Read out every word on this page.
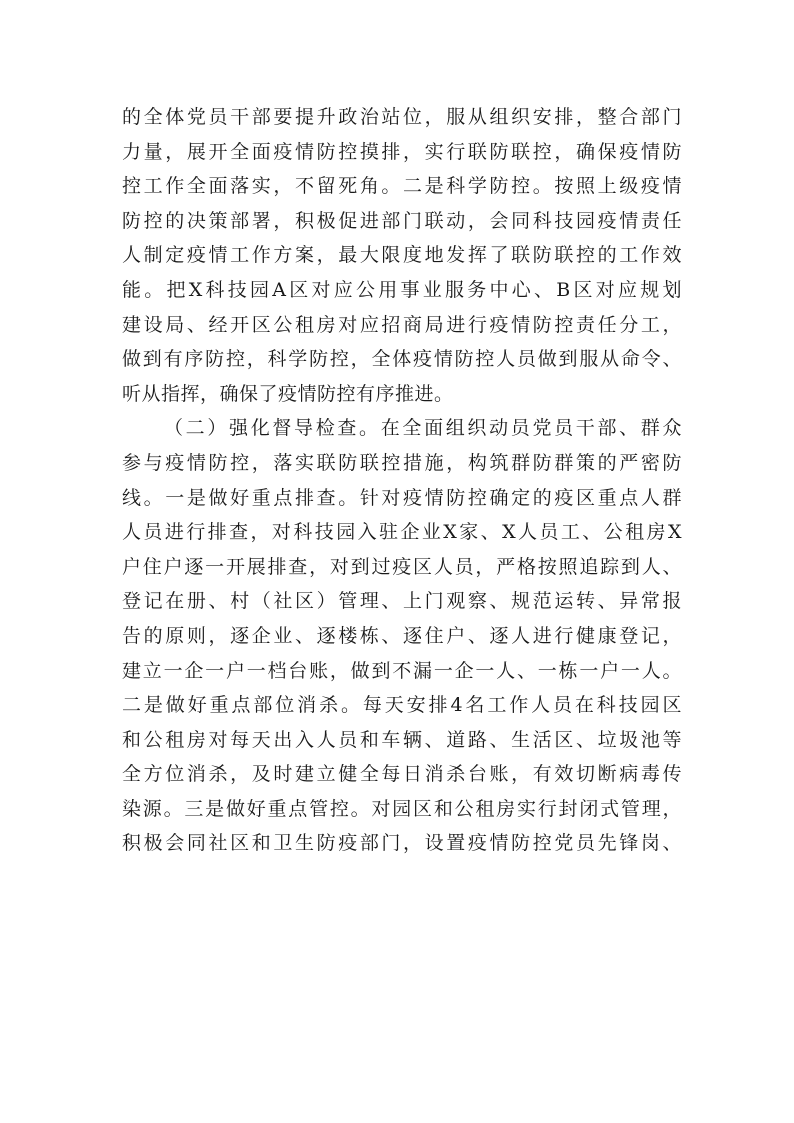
的全体党员干部要提升政治站位，服从组织安排，整合部门
力量，展开全面疫情防控摸排，实行联防联控，确保疫情防
控工作全面落实，不留死角。二是科学防控。按照上级疫情
防控的决策部署，积极促进部门联动，会同科技园疫情责任
人制定疫情工作方案，最大限度地发挥了联防联控的工作效
能。把X科技园A区对应公用事业服务中心、B区对应规划
建设局、经开区公租房对应招商局进行疫情防控责任分工，
做到有序防控，科学防控，全体疫情防控人员做到服从命令、
听从指挥，确保了疫情防控有序推进。
（二）强化督导检查。在全面组织动员党员干部、群众
参与疫情防控，落实联防联控措施，构筑群防群策的严密防
线。一是做好重点排查。针对疫情防控确定的疫区重点人群
人员进行排查，对科技园入驻企业X家、X人员工、公租房X
户住户逐一开展排查，对到过疫区人员，严格按照追踪到人、
登记在册、村（社区）管理、上门观察、规范运转、异常报
告的原则，逐企业、逐楼栋、逐住户、逐人进行健康登记，
建立一企一户一档台账，做到不漏一企一人、一栋一户一人。
二是做好重点部位消杀。每天安排4名工作人员在科技园区
和公租房对每天出入人员和车辆、道路、生活区、垃圾池等
全方位消杀，及时建立健全每日消杀台账，有效切断病毒传
染源。三是做好重点管控。对园区和公租房实行封闭式管理，
积极会同社区和卫生防疫部门，设置疫情防控党员先锋岗、
